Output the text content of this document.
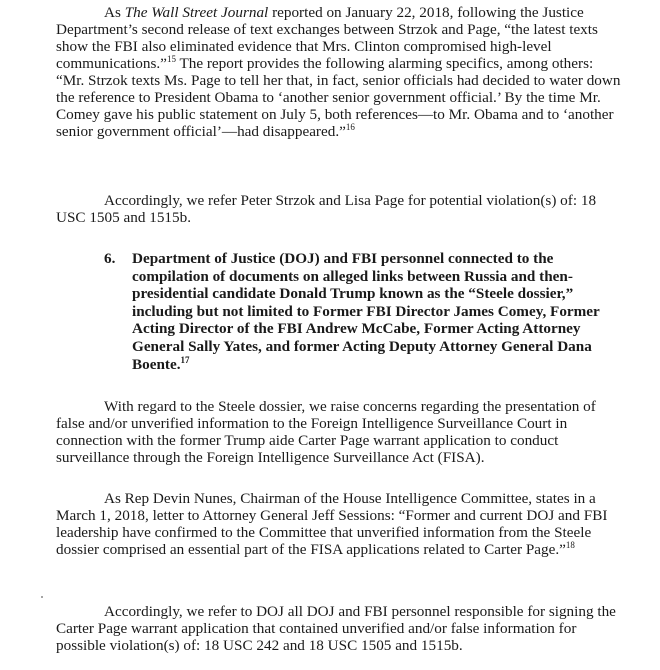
As The Wall Street Journal reported on January 22, 2018, following the Justice Department’s second release of text exchanges between Strzok and Page, “the latest texts show the FBI also eliminated evidence that Mrs. Clinton compromised high-level communications.”$^{15}$ The report provides the following alarming specifics, among others: “Mr. Strzok texts Ms. Page to tell her that, in fact, senior officials had decided to water down the reference to President Obama to ‘another senior government official.’ By the time Mr. Comey gave his public statement on July 5, both references—to Mr. Obama and to ‘another senior government official’—had disappeared.”$^{16}$

Accordingly, we refer Peter Strzok and Lisa Page for potential violation(s) of: 18 USC 1505 and 1515b.

6. Department of Justice (DOJ) and FBI personnel connected to the compilation of documents on alleged links between Russia and then-presidential candidate Donald Trump known as the “Steele dossier,” including but not limited to Former FBI Director James Comey, Former Acting Director of the FBI Andrew McCabe, Former Acting Attorney General Sally Yates, and former Acting Deputy Attorney General Dana Boente.$^{17}$

With regard to the Steele dossier, we raise concerns regarding the presentation of false and/or unverified information to the Foreign Intelligence Surveillance Court in connection with the former Trump aide Carter Page warrant application to conduct surveillance through the Foreign Intelligence Surveillance Act (FISA).

As Rep Devin Nunes, Chairman of the House Intelligence Committee, states in a March 1, 2018, letter to Attorney General Jeff Sessions: “Former and current DOJ and FBI leadership have confirmed to the Committee that unverified information from the Steele dossier comprised an essential part of the FISA applications related to Carter Page.”$^{18}$

Accordingly, we refer to DOJ all DOJ and FBI personnel responsible for signing the Carter Page warrant application that contained unverified and/or false information for possible violation(s) of: 18 USC 242 and 18 USC 1505 and 1515b.
